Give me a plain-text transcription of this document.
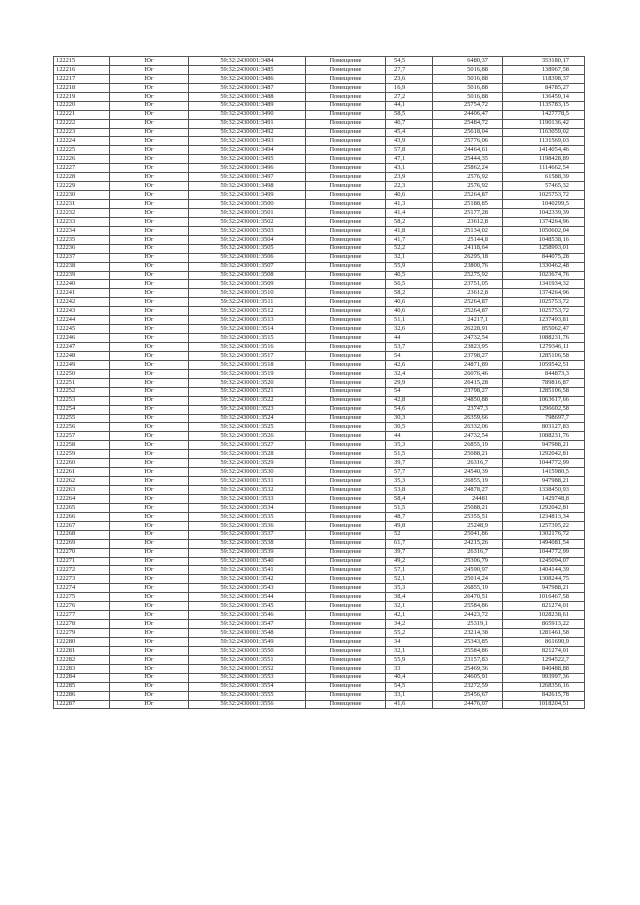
122215	Юг	59:32:2430001:3484	Помещение	54,5	6480,37	353180,17
122216	Юг	59:32:2430001:3485	Помещение	27,7	5016,88	138967,58
122217	Юг	59:32:2430001:3486	Помещение	23,6	5016,88	118398,37
122218	Юг	59:32:2430001:3487	Помещение	16,9	5016,88	84785,27
122219	Юг	59:32:2430001:3488	Помещение	27,2	5016,88	136459,14
122220	Юг	59:32:2430001:3489	Помещение	44,1	25754,72	1135783,15
122221	Юг	59:32:2430001:3490	Помещение	58,5	24406,47	1427778,5
122222	Юг	59:32:2430001:3491	Помещение	46,7	25484,72	1190136,42
122223	Юг	59:32:2430001:3492	Помещение	45,4	25618,04	1163059,02
122224	Юг	59:32:2430001:3493	Помещение	43,9	25776,06	1131569,03
122225	Юг	59:32:2430001:3494	Помещение	57,8	24464,61	1414054,46
122226	Юг	59:32:2430001:3495	Помещение	47,1	25444,35	1198428,89
122227	Юг	59:32:2430001:3496	Помещение	43,1	25862,24	1114662,54
122228	Юг	59:32:2430001:3497	Помещение	23,9	2576,92	61588,39
122229	Юг	59:32:2430001:3498	Помещение	22,3	2576,92	57465,32
122230	Юг	59:32:2430001:3499	Помещение	40,6	25264,87	1025753,72
122231	Юг	59:32:2430001:3500	Помещение	41,3	25188,85	1040299,5
122232	Юг	59:32:2430001:3501	Помещение	41,4	25177,28	1042339,39
122233	Юг	59:32:2430001:3502	Помещение	58,2	23612,8	1374264,96
122234	Юг	59:32:2430001:3503	Помещение	41,8	25134,02	1050602,04
122235	Юг	59:32:2430001:3504	Помещение	41,7	25144,8	1048538,16
122236	Юг	59:32:2430001:3505	Помещение	52,2	24118,64	1258993,01
122237	Юг	59:32:2430001:3506	Помещение	32,1	26295,18	844075,28
122238	Юг	59:32:2430001:3507	Помещение	55,9	23800,76	1330462,48
122239	Юг	59:32:2430001:3508	Помещение	40,5	25275,92	1023674,76
122240	Юг	59:32:2430001:3509	Помещение	56,5	23751,05	1341934,32
122241	Юг	59:32:2430001:3510	Помещение	58,2	23612,8	1374264,96
122242	Юг	59:32:2430001:3511	Помещение	40,6	25264,87	1025753,72
122243	Юг	59:32:2430001:3512	Помещение	40,6	25264,87	1025753,72
122244	Юг	59:32:2430001:3513	Помещение	51,1	24217,1	1237493,81
122245	Юг	59:32:2430001:3514	Помещение	32,6	26228,91	855062,47
122246	Юг	59:32:2430001:3515	Помещение	44	24732,54	1088231,76
122247	Юг	59:32:2430001:3516	Помещение	53,7	23823,95	1279346,11
122248	Юг	59:32:2430001:3517	Помещение	54	23798,27	1285106,58
122249	Юг	59:32:2430001:3518	Помещение	42,6	24871,89	1059542,51
122250	Юг	59:32:2430001:3519	Помещение	32,4	26076,46	844873,3
122251	Юг	59:32:2430001:3520	Помещение	29,9	26415,28	789816,87
122252	Юг	59:32:2430001:3521	Помещение	54	23798,27	1285106,58
122253	Юг	59:32:2430001:3522	Помещение	42,8	24850,88	1063617,66
122254	Юг	59:32:2430001:3523	Помещение	54,6	23747,3	1296602,58
122255	Юг	59:32:2430001:3524	Помещение	30,3	26359,66	798697,7
122256	Юг	59:32:2430001:3525	Помещение	30,5	26332,06	803127,83
122257	Юг	59:32:2430001:3526	Помещение	44	24732,54	1088231,76
122258	Юг	59:32:2430001:3527	Помещение	35,3	26855,19	947988,21
122259	Юг	59:32:2430001:3528	Помещение	51,5	25088,21	1292042,81
122260	Юг	59:32:2430001:3529	Помещение	39,7	26316,7	1044772,99
122261	Юг	59:32:2430001:3530	Помещение	57,7	24540,39	1415980,5
122262	Юг	59:32:2430001:3531	Помещение	35,3	26855,19	947988,21
122263	Юг	59:32:2430001:3532	Помещение	53,8	24878,27	1338450,93
122264	Юг	59:32:2430001:3533	Помещение	58,4	24481	1429748,8
122265	Юг	59:32:2430001:3534	Помещение	51,5	25088,21	1292042,81
122266	Юг	59:32:2430001:3535	Помещение	48,7	25355,51	1234813,34
122267	Юг	59:32:2430001:3536	Помещение	49,8	25248,9	1257395,22
122268	Юг	59:32:2430001:3537	Помещение	52	25041,86	1302176,72
122269	Юг	59:32:2430001:3538	Помещение	61,7	24215,26	1494081,54
122270	Юг	59:32:2430001:3539	Помещение	39,7	26316,7	1044772,99
122271	Юг	59:32:2430001:3540	Помещение	49,2	25306,79	1245094,07
122272	Юг	59:32:2430001:3541	Помещение	57,1	24590,97	1404144,39
122273	Юг	59:32:2430001:3542	Помещение	52,1	25014,24	1308244,75
122274	Юг	59:32:2430001:3543	Помещение	35,3	26855,19	947988,21
122275	Юг	59:32:2430001:3544	Помещение	38,4	26470,51	1016467,58
122276	Юг	59:32:2430001:3545	Помещение	32,1	25584,86	821274,01
122277	Юг	59:32:2430001:3546	Помещение	42,1	24423,72	1028238,61
122278	Юг	59:32:2430001:3547	Помещение	34,2	25319,1	865913,22
122279	Юг	59:32:2430001:3548	Помещение	55,2	23214,38	1281461,58
122280	Юг	59:32:2430001:3549	Помещение	34	25343,85	861690,9
122281	Юг	59:32:2430001:3550	Помещение	32,1	25584,86	821274,01
122282	Юг	59:32:2430001:3551	Помещение	55,9	23157,83	1294522,7
122283	Юг	59:32:2430001:3552	Помещение	33	25469,36	840488,88
122284	Юг	59:32:2430001:3553	Помещение	40,4	24605,91	993997,36
122285	Юг	59:32:2430001:3554	Помещение	54,5	23272,59	1268356,16
122286	Юг	59:32:2430001:3555	Помещение	33,1	25456,67	842615,78
122287	Юг	59:32:2430001:3556	Помещение	41,6	24476,07	1018204,51
